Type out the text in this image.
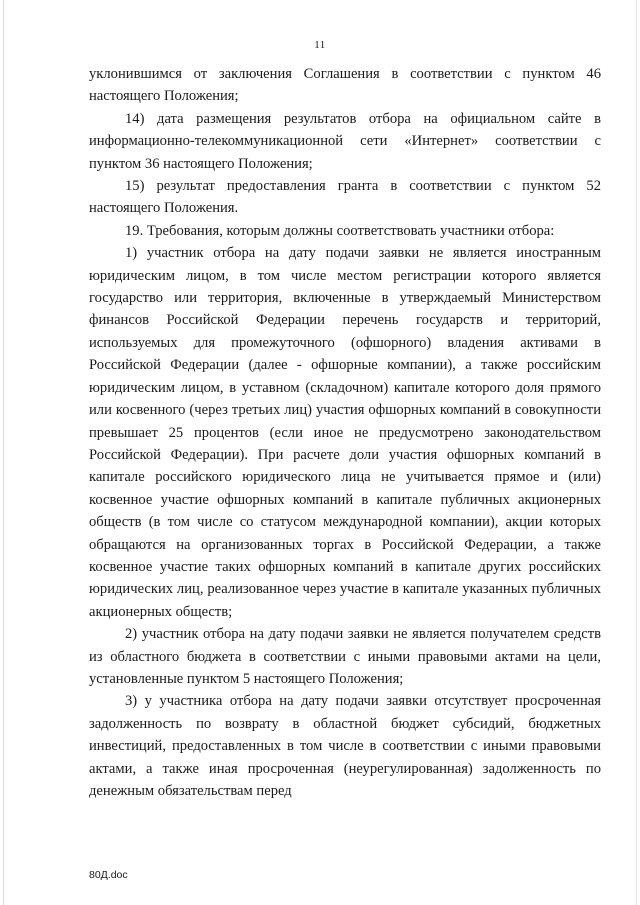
11

уклонившимся от заключения Соглашения в соответствии с пунктом 46 настоящего Положения;

14) дата размещения результатов отбора на официальном сайте в информационно-телекоммуникационной сети «Интернет» соответствии с пунктом 36 настоящего Положения;

15) результат предоставления гранта в соответствии с пунктом 52 настоящего Положения.

19. Требования, которым должны соответствовать участники отбора:

1) участник отбора на дату подачи заявки не является иностранным юридическим лицом, в том числе местом регистрации которого является государство или территория, включенные в утверждаемый Министерством финансов Российской Федерации перечень государств и территорий, используемых для промежуточного (офшорного) владения активами в Российской Федерации (далее - офшорные компании), а также российским юридическим лицом, в уставном (складочном) капитале которого доля прямого или косвенного (через третьих лиц) участия офшорных компаний в совокупности превышает 25 процентов (если иное не предусмотрено законодательством Российской Федерации). При расчете доли участия офшорных компаний в капитале российского юридического лица не учитывается прямое и (или) косвенное участие офшорных компаний в капитале публичных акционерных обществ (в том числе со статусом международной компании), акции которых обращаются на организованных торгах в Российской Федерации, а также косвенное участие таких офшорных компаний в капитале других российских юридических лиц, реализованное через участие в капитале указанных публичных акционерных обществ;

2) участник отбора на дату подачи заявки не является получателем средств из областного бюджета в соответствии с иными правовыми актами на цели, установленные пунктом 5 настоящего Положения;

3) у участника отбора на дату подачи заявки отсутствует просроченная задолженность по возврату в областной бюджет субсидий, бюджетных инвестиций, предоставленных в том числе в соответствии с иными правовыми актами, а также иная просроченная (неурегулированная) задолженность по денежным обязательствам перед

80Д.doc
